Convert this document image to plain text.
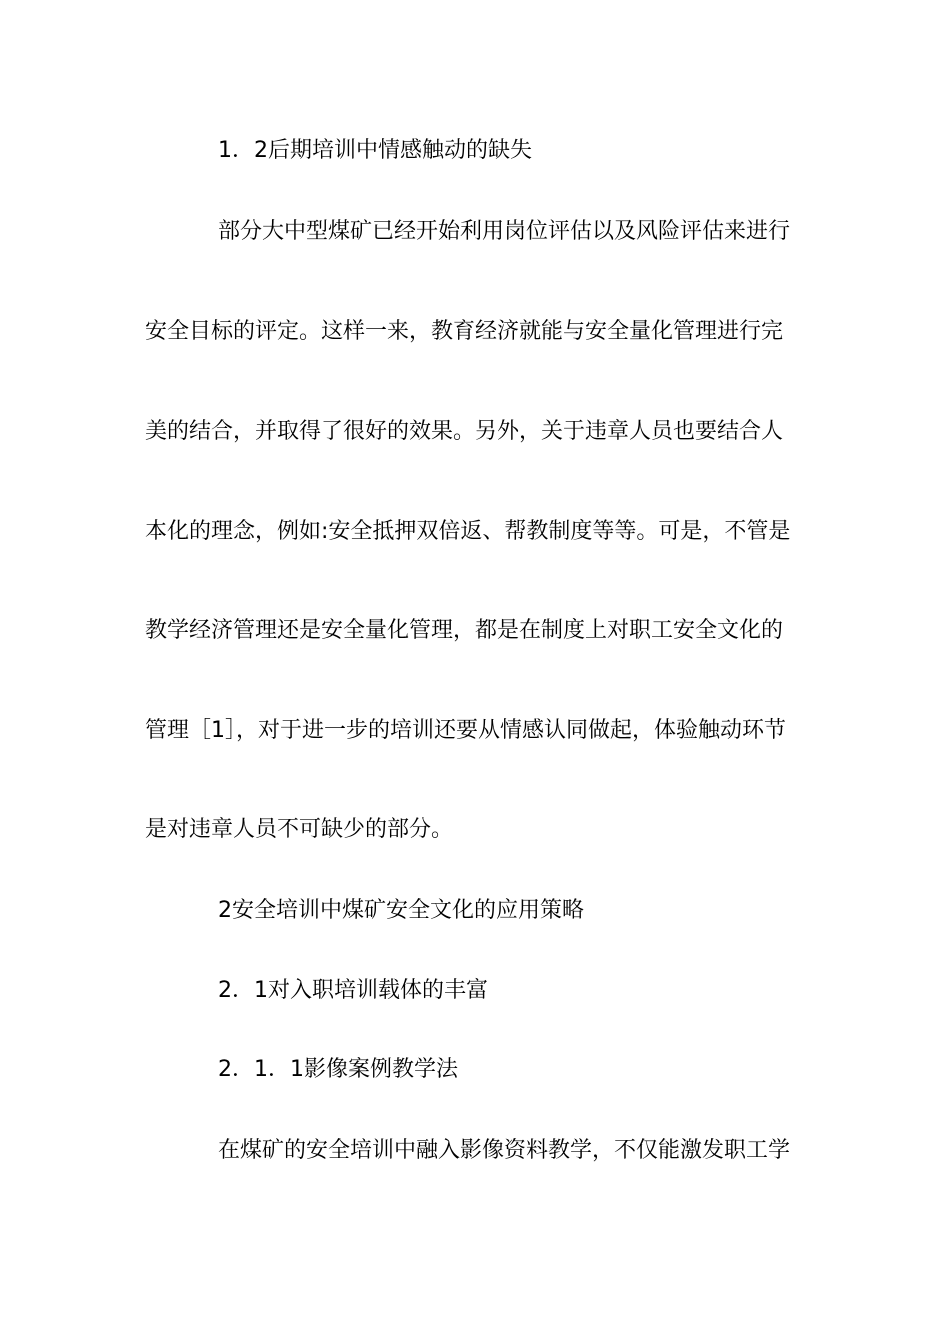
1．2后期培训中情感触动的缺失

部分大中型煤矿已经开始利用岗位评估以及风险评估来进行

安全目标的评定。这样一来，教育经济就能与安全量化管理进行完

美的结合，并取得了很好的效果。另外，关于违章人员也要结合人

本化的理念，例如:安全抵押双倍返、帮教制度等等。可是，不管是

教学经济管理还是安全量化管理，都是在制度上对职工安全文化的

管理［1］，对于进一步的培训还要从情感认同做起，体验触动环节

是对违章人员不可缺少的部分。

2安全培训中煤矿安全文化的应用策略

2．1对入职培训载体的丰富

2．1．1影像案例教学法

在煤矿的安全培训中融入影像资料教学，不仅能激发职工学
